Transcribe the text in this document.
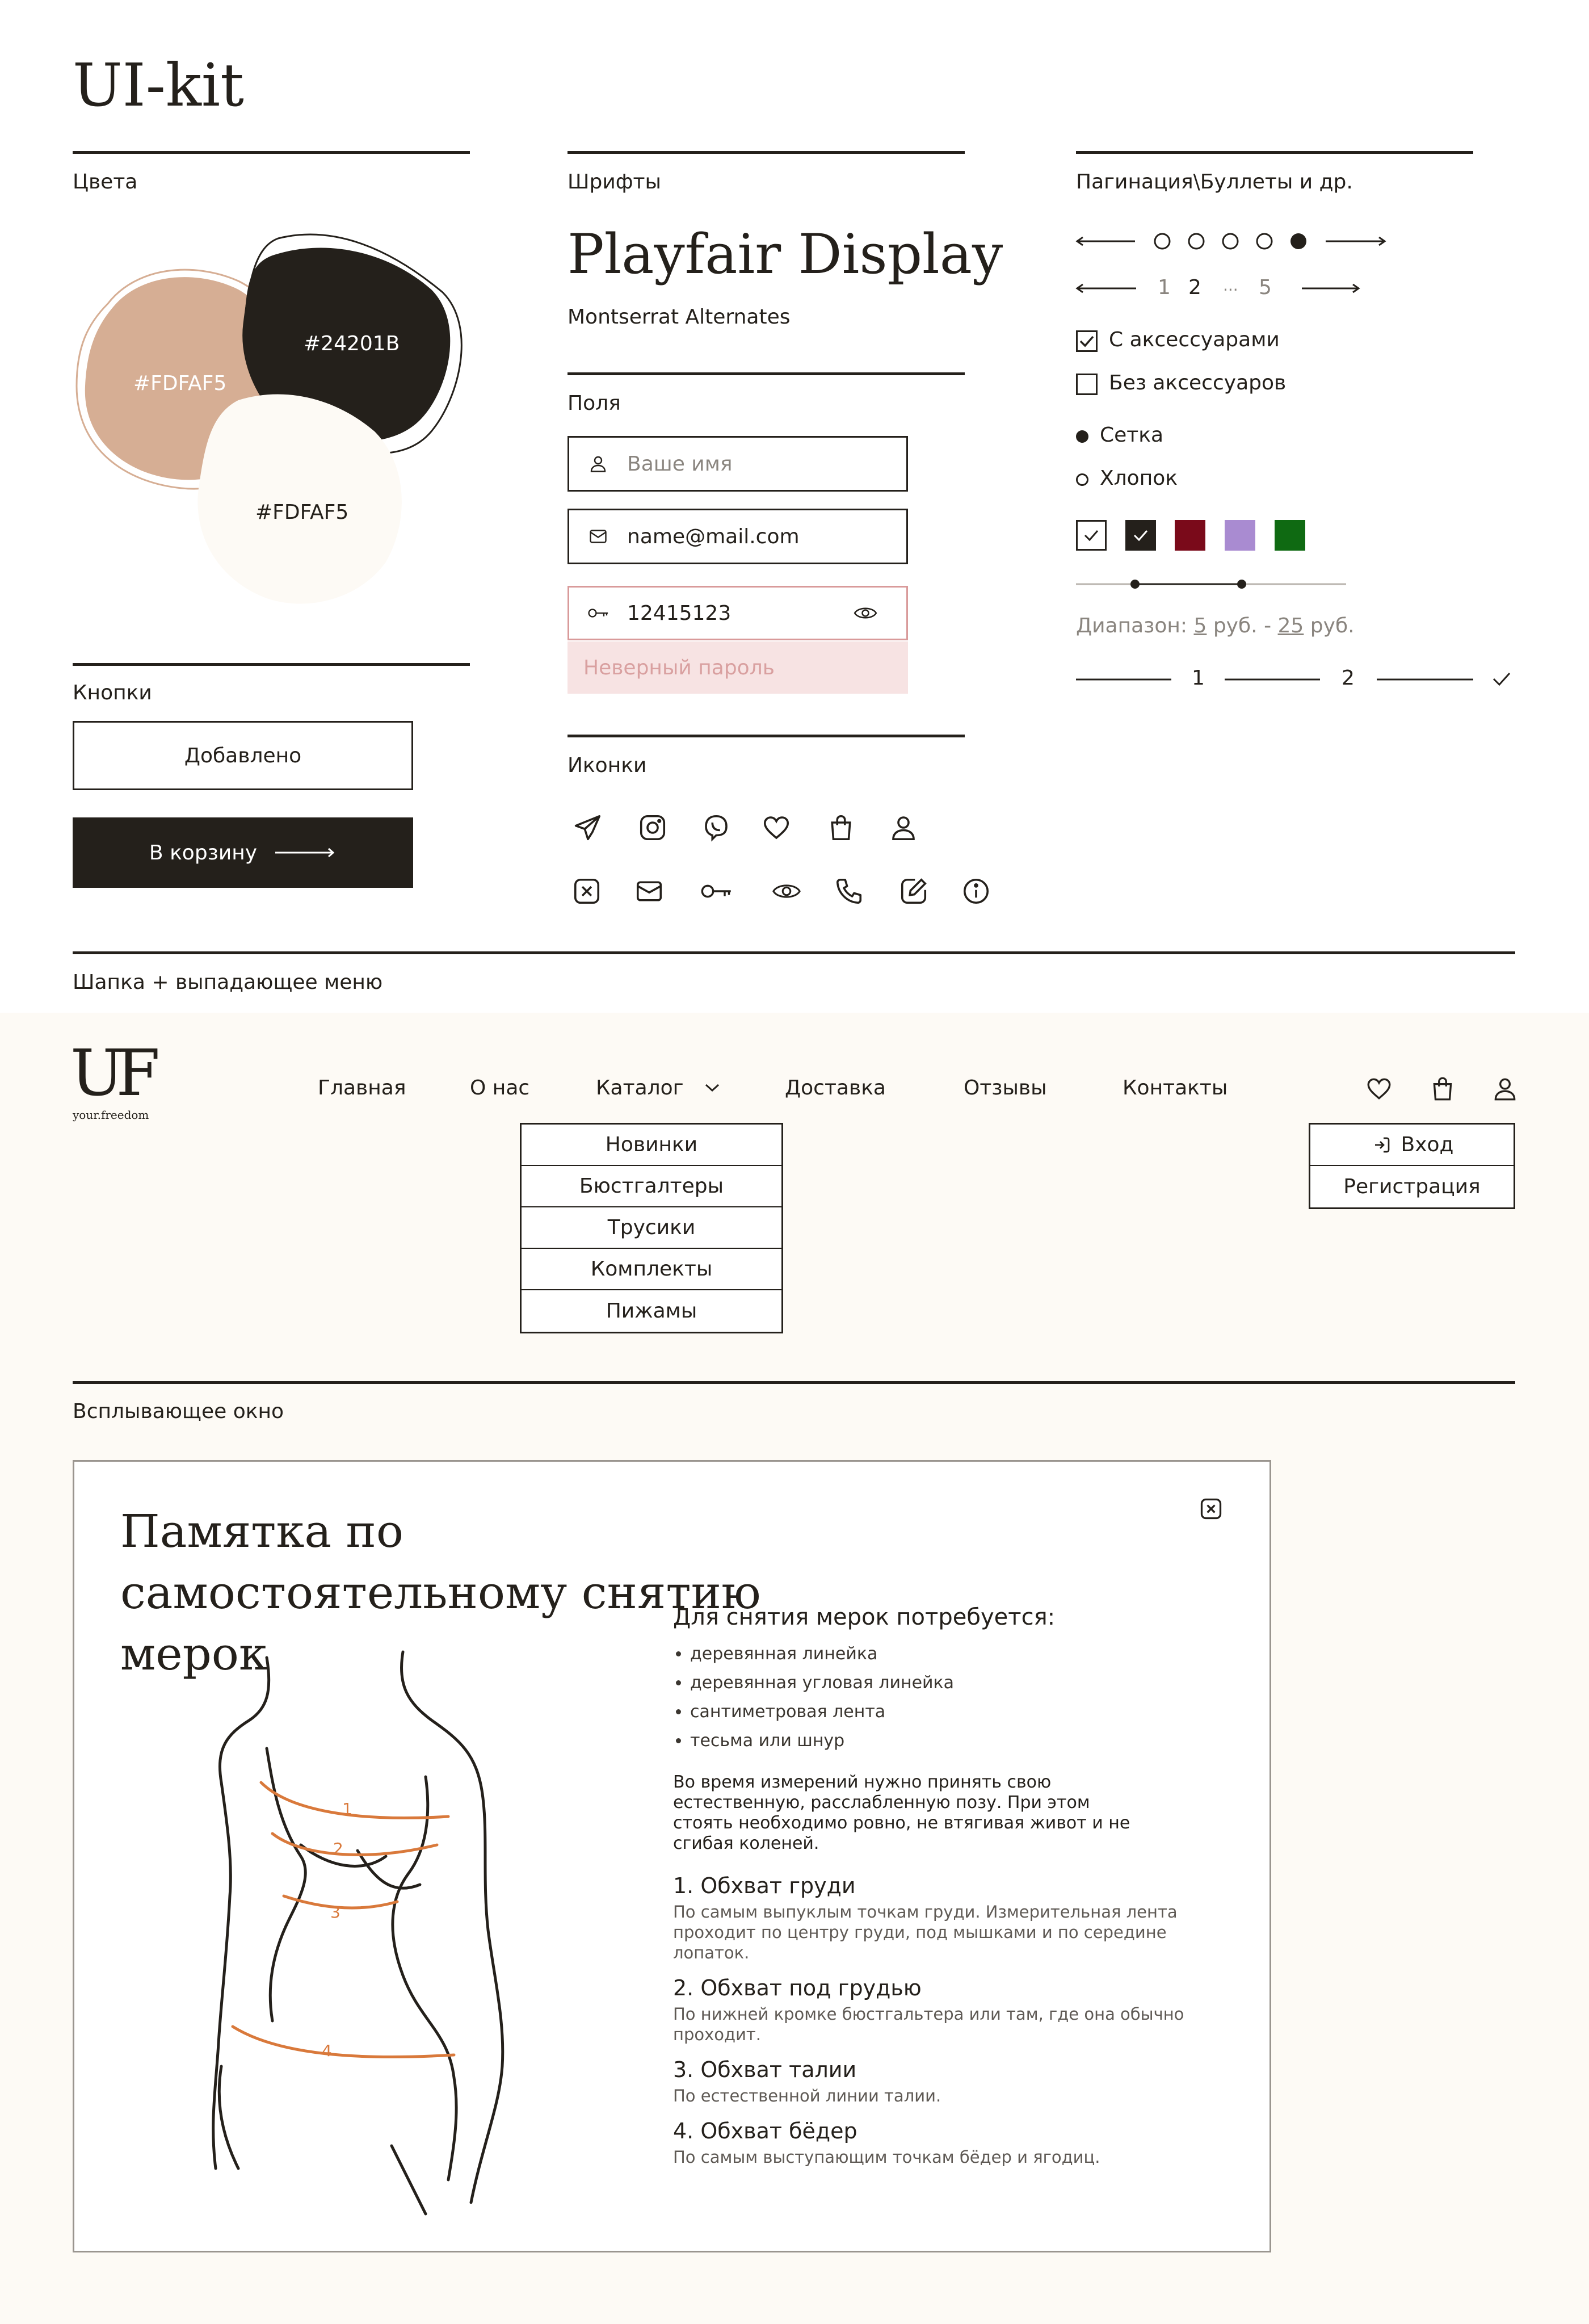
UI-kit
Цвета
#FDFAF5
#24201B
#FDFAF5
Кнопки
Добавлено
В корзину
Шрифты
Playfair Display
Montserrat Alternates
Поля
Ваше имя
name@mail.com
12415123
Неверный пароль
Иконки
Пагинация\Буллеты и др.
1 2 ... 5
С аксессуарами
Без аксессуаров
Сетка
Хлопок
Диапазон: 5 руб. - 25 руб.
1	2
Шапка + выпадающее меню
UF
your.freedom
Главная	О нас	Каталог	Доставка	Отзывы	Контакты
Новинки
Бюстгалтеры
Трусики
Комплекты
Пижамы
Вход
Регистрация
Всплывающее окно
Памятка по самостоятельному снятию мерок
1
2
3
4
Для снятия мерок потребуется:
• деревянная линейка
• деревянная угловая линейка
• сантиметровая лента
• тесьма или шнур
Во время измерений нужно принять свою естественную, расслабленную позу. При этом стоять необходимо ровно, не втягивая живот и не сгибая коленей.
1. Обхват груди
По самым выпуклым точкам груди. Измерительная лента проходит по центру груди, под мышками и по середине лопаток.
2. Обхват под грудью
По нижней кромке бюстгальтера или там, где она обычно проходит.
3. Обхват талии
По естественной линии талии.
4. Обхват бёдер
По самым выступающим точкам бёдер и ягодиц.
